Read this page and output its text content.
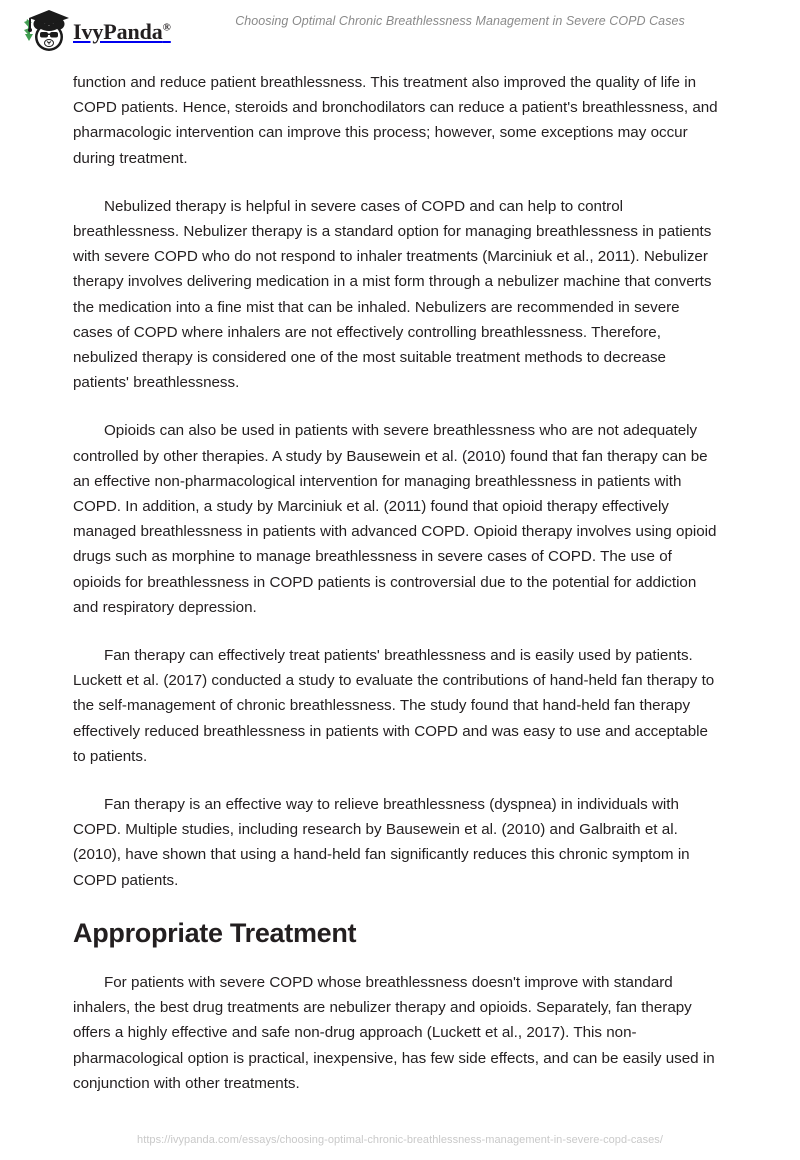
IvyPanda®	Choosing Optimal Chronic Breathlessness Management in Severe COPD Cases

function and reduce patient breathlessness. This treatment also improved the quality of life in COPD patients. Hence, steroids and bronchodilators can reduce a patient's breathlessness, and pharmacologic intervention can improve this process; however, some exceptions may occur during treatment.

Nebulized therapy is helpful in severe cases of COPD and can help to control breathlessness. Nebulizer therapy is a standard option for managing breathlessness in patients with severe COPD who do not respond to inhaler treatments (Marciniuk et al., 2011). Nebulizer therapy involves delivering medication in a mist form through a nebulizer machine that converts the medication into a fine mist that can be inhaled. Nebulizers are recommended in severe cases of COPD where inhalers are not effectively controlling breathlessness. Therefore, nebulized therapy is considered one of the most suitable treatment methods to decrease patients' breathlessness.

Opioids can also be used in patients with severe breathlessness who are not adequately controlled by other therapies. A study by Bausewein et al. (2010) found that fan therapy can be an effective non-pharmacological intervention for managing breathlessness in patients with COPD. In addition, a study by Marciniuk et al. (2011) found that opioid therapy effectively managed breathlessness in patients with advanced COPD. Opioid therapy involves using opioid drugs such as morphine to manage breathlessness in severe cases of COPD. The use of opioids for breathlessness in COPD patients is controversial due to the potential for addiction and respiratory depression.

Fan therapy can effectively treat patients' breathlessness and is easily used by patients. Luckett et al. (2017) conducted a study to evaluate the contributions of hand-held fan therapy to the self-management of chronic breathlessness. The study found that hand-held fan therapy effectively reduced breathlessness in patients with COPD and was easy to use and acceptable to patients.

Fan therapy is an effective way to relieve breathlessness (dyspnea) in individuals with COPD. Multiple studies, including research by Bausewein et al. (2010) and Galbraith et al. (2010), have shown that using a hand-held fan significantly reduces this chronic symptom in COPD patients.

Appropriate Treatment

For patients with severe COPD whose breathlessness doesn't improve with standard inhalers, the best drug treatments are nebulizer therapy and opioids. Separately, fan therapy offers a highly effective and safe non-drug approach (Luckett et al., 2017). This non-pharmacological option is practical, inexpensive, has few side effects, and can be easily used in conjunction with other treatments.

https://ivypanda.com/essays/choosing-optimal-chronic-breathlessness-management-in-severe-copd-cases/
